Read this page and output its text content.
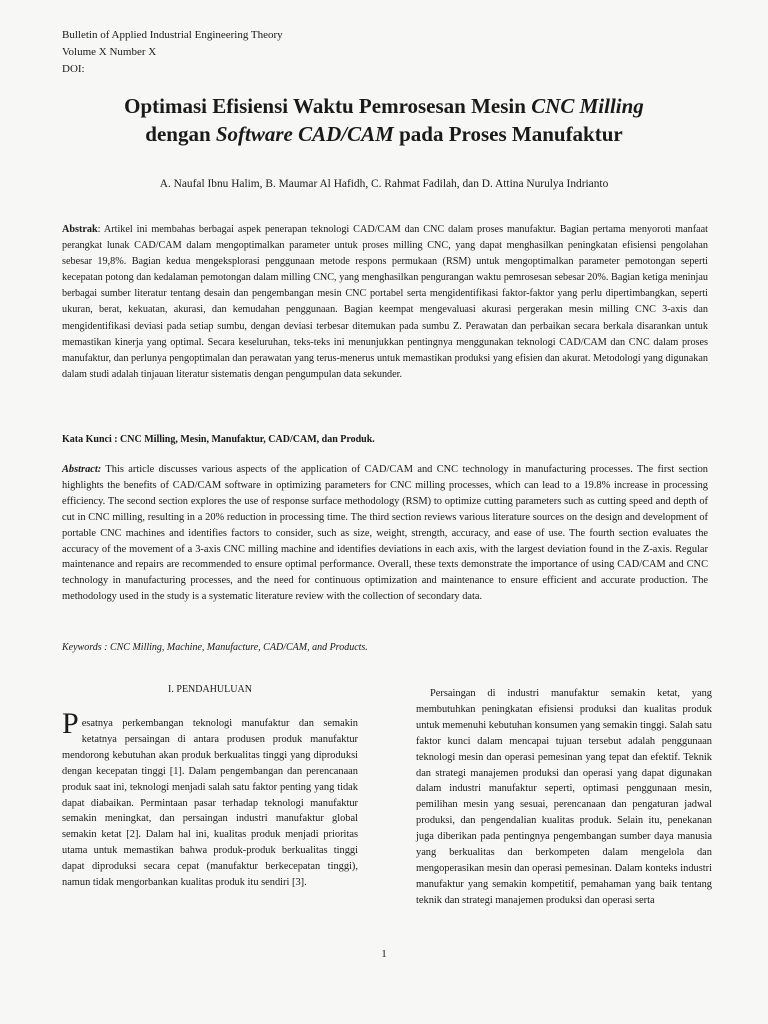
Bulletin of Applied Industrial Engineering Theory
Volume X Number X
DOI:
Optimasi Efisiensi Waktu Pemrosesan Mesin CNC Milling
dengan Software CAD/CAM pada Proses Manufaktur
A. Naufal Ibnu Halim, B. Maumar Al Hafidh, C. Rahmat Fadilah, dan D. Attina Nurulya Indrianto
Abstrak: Artikel ini membahas berbagai aspek penerapan teknologi CAD/CAM dan CNC dalam proses manufaktur. Bagian pertama menyoroti manfaat perangkat lunak CAD/CAM dalam mengoptimalkan parameter untuk proses milling CNC, yang dapat menghasilkan peningkatan efisiensi pengolahan sebesar 19,8%. Bagian kedua mengeksplorasi penggunaan metode respons permukaan (RSM) untuk mengoptimalkan parameter pemotongan seperti kecepatan potong dan kedalaman pemotongan dalam milling CNC, yang menghasilkan pengurangan waktu pemrosesan sebesar 20%. Bagian ketiga meninjau berbagai sumber literatur tentang desain dan pengembangan mesin CNC portabel serta mengidentifikasi faktor-faktor yang perlu dipertimbangkan, seperti ukuran, berat, kekuatan, akurasi, dan kemudahan penggunaan. Bagian keempat mengevaluasi akurasi pergerakan mesin milling CNC 3-axis dan mengidentifikasi deviasi pada setiap sumbu, dengan deviasi terbesar ditemukan pada sumbu Z. Perawatan dan perbaikan secara berkala disarankan untuk memastikan kinerja yang optimal. Secara keseluruhan, teks-teks ini menunjukkan pentingnya menggunakan teknologi CAD/CAM dan CNC dalam proses manufaktur, dan perlunya pengoptimalan dan perawatan yang terus-menerus untuk memastikan produksi yang efisien dan akurat. Metodologi yang digunakan dalam studi adalah tinjauan literatur sistematis dengan pengumpulan data sekunder.
Kata Kunci : CNC Milling, Mesin, Manufaktur, CAD/CAM, dan Produk.
Abstract: This article discusses various aspects of the application of CAD/CAM and CNC technology in manufacturing processes. The first section highlights the benefits of CAD/CAM software in optimizing parameters for CNC milling processes, which can lead to a 19.8% increase in processing efficiency. The second section explores the use of response surface methodology (RSM) to optimize cutting parameters such as cutting speed and depth of cut in CNC milling, resulting in a 20% reduction in processing time. The third section reviews various literature sources on the design and development of portable CNC machines and identifies factors to consider, such as size, weight, strength, accuracy, and ease of use. The fourth section evaluates the accuracy of the movement of a 3-axis CNC milling machine and identifies deviations in each axis, with the largest deviation found in the Z-axis. Regular maintenance and repairs are recommended to ensure optimal performance. Overall, these texts demonstrate the importance of using CAD/CAM and CNC technology in manufacturing processes, and the need for continuous optimization and maintenance to ensure efficient and accurate production. The methodology used in the study is a systematic literature review with the collection of secondary data.
Keywords : CNC Milling, Machine, Manufacture, CAD/CAM, and Products.
I. PENDAHULUAN
Pesatnya perkembangan teknologi manufaktur dan semakin ketatnya persaingan di antara produsen produk manufaktur mendorong kebutuhan akan produk berkualitas tinggi yang diproduksi dengan kecepatan tinggi [1]. Dalam pengembangan dan perencanaan produk saat ini, teknologi menjadi salah satu faktor penting yang tidak dapat diabaikan. Permintaan pasar terhadap teknologi manufaktur semakin meningkat, dan persaingan industri manufaktur global semakin ketat [2]. Dalam hal ini, kualitas produk menjadi prioritas utama untuk memastikan bahwa produk-produk berkualitas tinggi dapat diproduksi secara cepat (manufaktur berkecepatan tinggi), namun tidak mengorbankan kualitas produk itu sendiri [3].
Persaingan di industri manufaktur semakin ketat, yang membutuhkan peningkatan efisiensi produksi dan kualitas produk untuk memenuhi kebutuhan konsumen yang semakin tinggi. Salah satu faktor kunci dalam mencapai tujuan tersebut adalah penggunaan teknologi mesin dan operasi pemesinan yang tepat dan efektif. Teknik dan strategi manajemen produksi dan operasi yang dapat digunakan dalam industri manufaktur seperti, optimasi penggunaan mesin, pemilihan mesin yang sesuai, perencanaan dan pengaturan jadwal produksi, dan pengendalian kualitas produk. Selain itu, penekanan juga diberikan pada pentingnya pengembangan sumber daya manusia yang berkualitas dan berkompeten dalam mengelola dan mengoperasikan mesin dan operasi pemesinan. Dalam konteks industri manufaktur yang semakin kompetitif, pemahaman yang baik tentang teknik dan strategi manajemen produksi dan operasi serta
1
